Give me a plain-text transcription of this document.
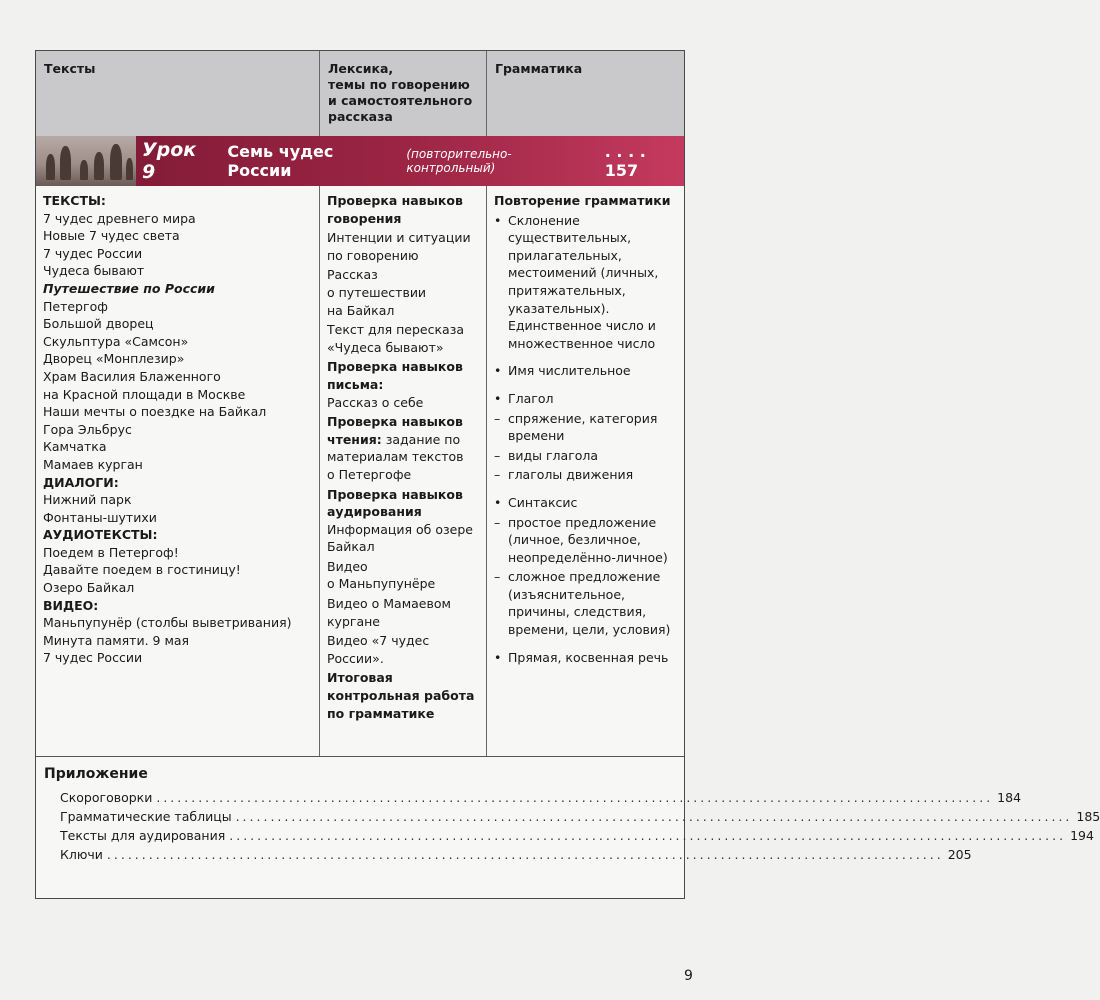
Тексты	Лексика,
темы по говорению
и самостоятельного
рассказа
Грамматика
Урок 9
Семь чудес России
(повторительно-контрольный)
. . . . 157
ТЕКСТЫ:
7 чудес древнего мира
Новые 7 чудес света
7 чудес России
Чудеса бывают
Путешествие по России
Петергоф
Большой дворец
Скульптура «Самсон»
Дворец «Монплезир»
Храм Василия Блаженного
на Красной площади в Москве
Наши мечты о поездке на Байкал
Гора Эльбрус
Камчатка
Мамаев курган
ДИАЛОГИ:
Нижний парк
Фонтаны-шутихи
АУДИОТЕКСТЫ:
Поедем в Петергоф!
Давайте поедем в гостиницу!
Озеро Байкал
ВИДЕО:
Маньпупунёр (столбы выветривания)
Минута памяти. 9 мая
7 чудес России
Проверка навыков
говорения
Интенции и ситуации
по говорению
Рассказ
о путешествии
на Байкал
Текст для пересказа
«Чудеса бывают»
Проверка навыков
письма:
Рассказ о себе
Проверка навыков
чтения: задание по
материалам текстов
о Петергофе
Проверка навыков
аудирования
Информация об озере
Байкал
Видео
о Маньпупунёре
Видео о Мамаевом
кургане
Видео «7 чудес
России».
Итоговая
контрольная работа
по грамматике
Повторение грамматики
• Склонение
существительных,
прилагательных,
местоимений (личных,
притяжательных,
указательных).
Единственное число и
множественное число
• Имя числительное
• Глагол
– спряжение, категория
времени
– виды глагола
– глаголы движения
• Синтаксис
– простое предложение
(личное, безличное,
неопределённо-личное)
– сложное предложение
(изъяснительное,
причины, следствия,
времени, цели, условия)
• Прямая, косвенная речь
Приложение
Скороговорки ........................................................................................................................ 184
Грамматические таблицы ........................................................................................................................ 185
Тексты для аудирования ........................................................................................................................ 194
Ключи ........................................................................................................................ 205
9
